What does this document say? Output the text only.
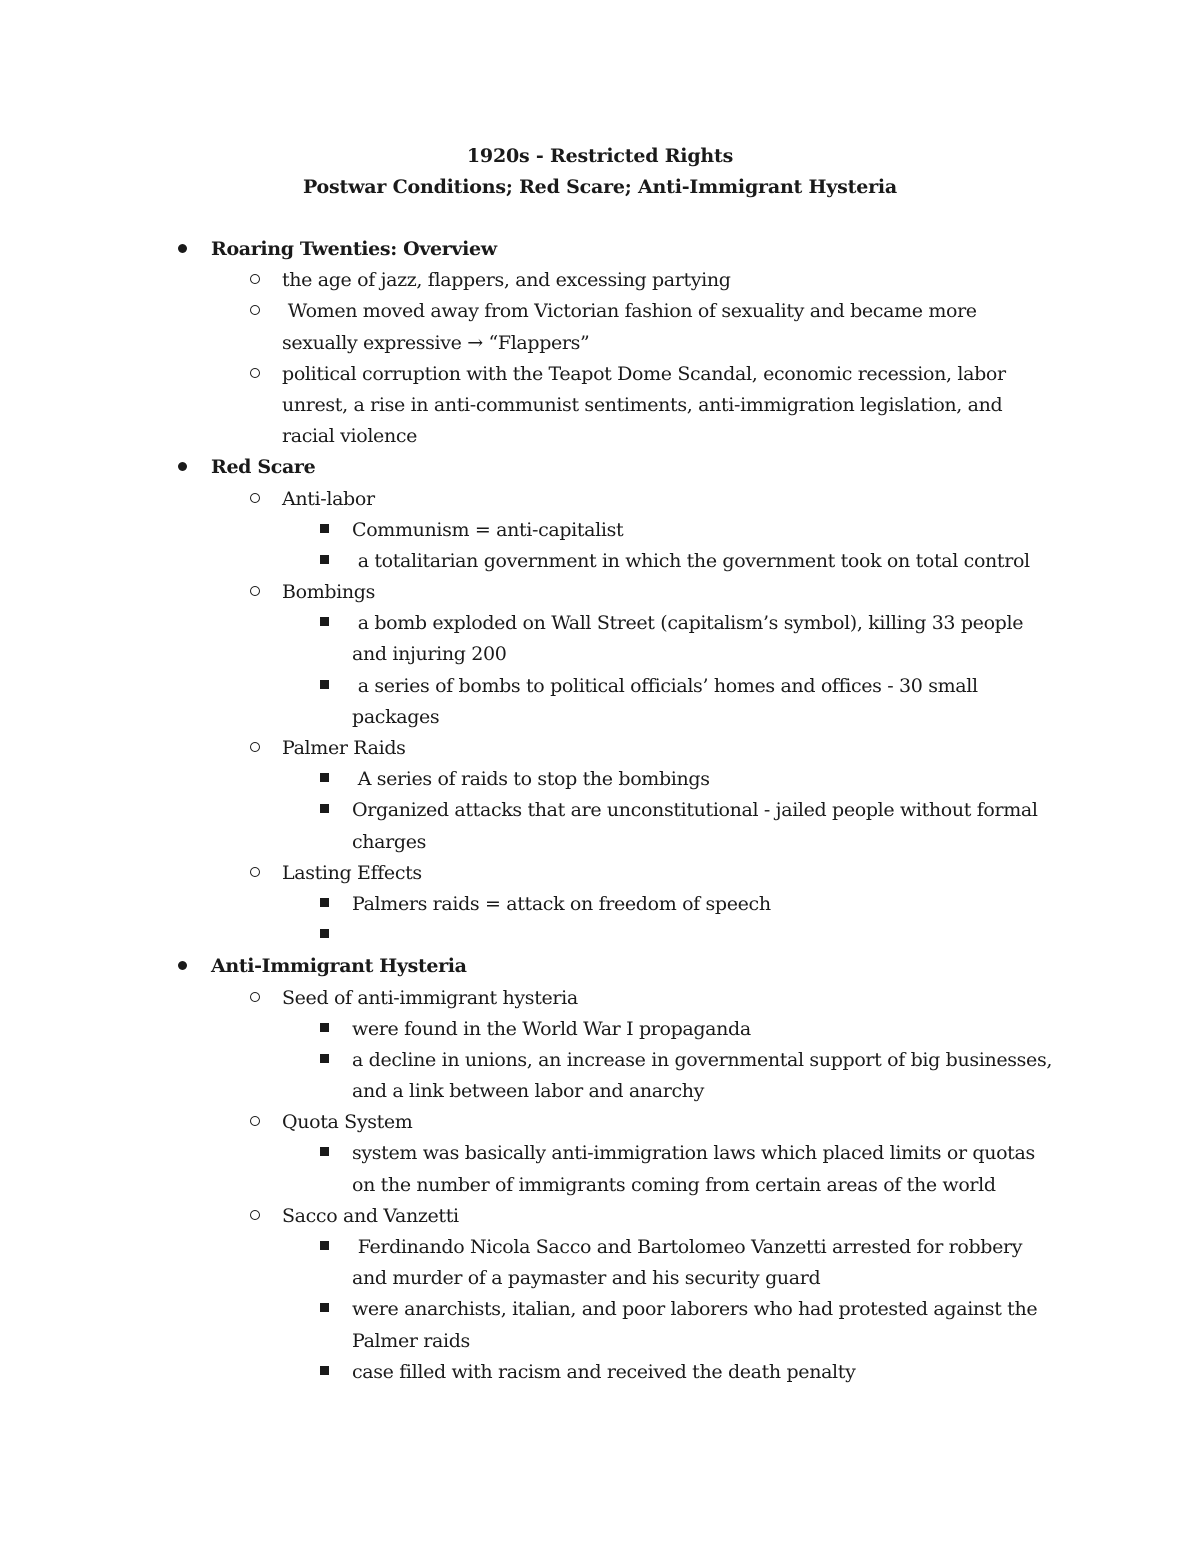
1920s - Restricted Rights
Postwar Conditions; Red Scare; Anti-Immigrant Hysteria
Roaring Twenties: Overview
the age of jazz, flappers, and excessing partying
Women moved away from Victorian fashion of sexuality and became more
sexually expressive → “Flappers”
political corruption with the Teapot Dome Scandal, economic recession, labor
unrest, a rise in anti-communist sentiments, anti-immigration legislation, and
racial violence
Red Scare
Anti-labor
Communism = anti-capitalist
a totalitarian government in which the government took on total control
Bombings
a bomb exploded on Wall Street (capitalism’s symbol), killing 33 people
and injuring 200
a series of bombs to political officials’ homes and offices - 30 small
packages
Palmer Raids
A series of raids to stop the bombings
Organized attacks that are unconstitutional - jailed people without formal
charges
Lasting Effects
Palmers raids = attack on freedom of speech
Anti-Immigrant Hysteria
Seed of anti-immigrant hysteria
were found in the World War I propaganda
a decline in unions, an increase in governmental support of big businesses,
and a link between labor and anarchy
Quota System
system was basically anti-immigration laws which placed limits or quotas
on the number of immigrants coming from certain areas of the world
Sacco and Vanzetti
Ferdinando Nicola Sacco and Bartolomeo Vanzetti arrested for robbery
and murder of a paymaster and his security guard
were anarchists, italian, and poor laborers who had protested against the
Palmer raids
case filled with racism and received the death penalty
